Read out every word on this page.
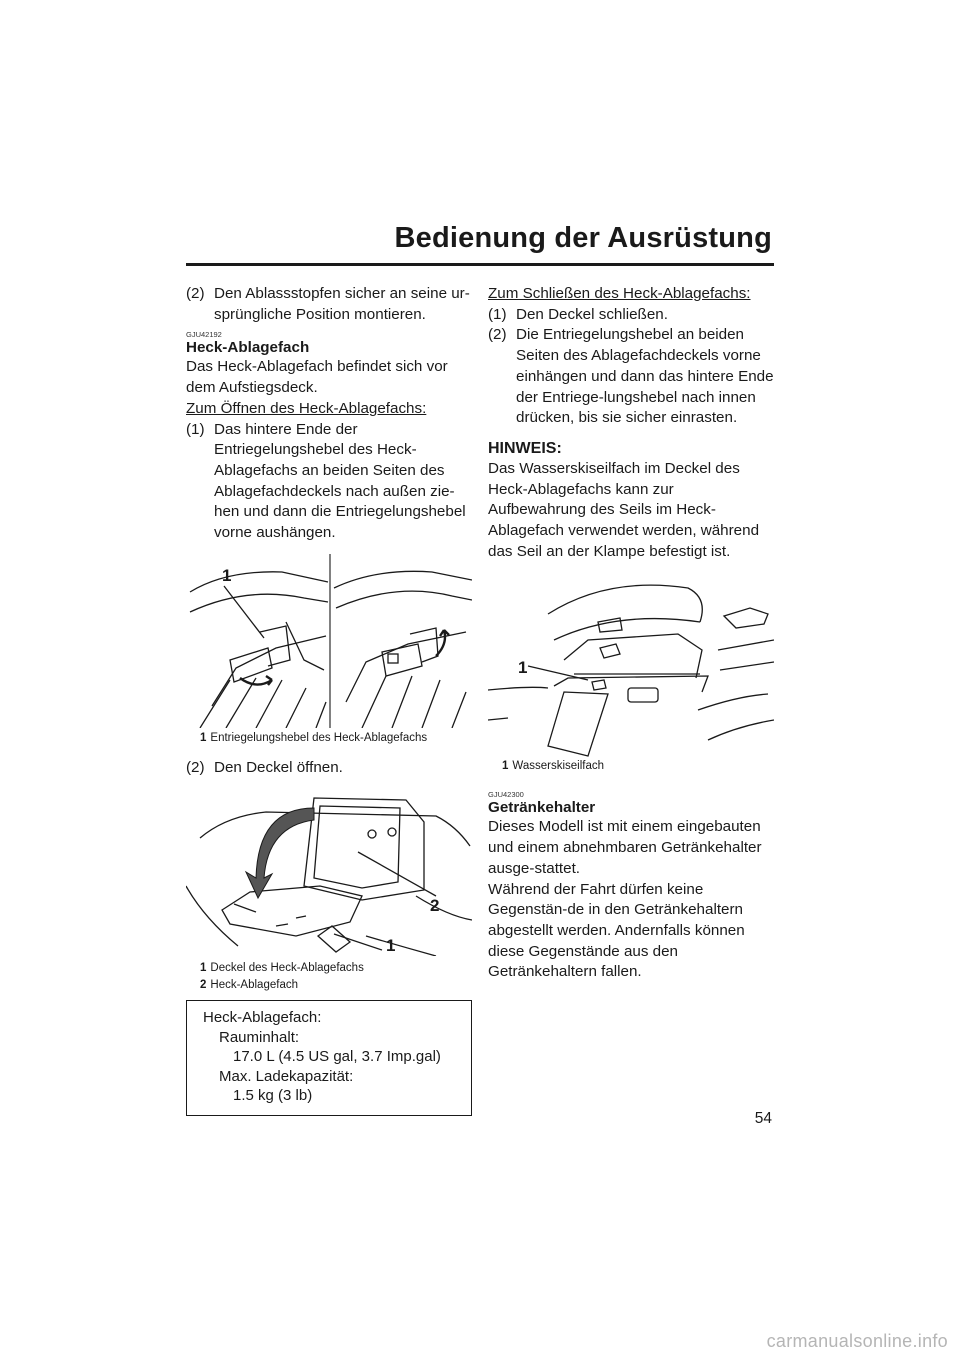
Bedienung der Ausrüstung
(2) Den Ablassstopfen sicher an seine ur-sprüngliche Position montieren.
GJU42192
Heck-Ablagefach

Das Heck-Ablagefach befindet sich vor dem Aufstiegsdeck.

Zum Öffnen des Heck-Ablagefachs:

(1) Das hintere Ende der Entriegelungshebel des Heck-Ablagefachs an beiden Seiten des Ablagefachdeckels nach außen zie-hen und dann die Entriegelungshebel vorne aushängen.
1
1 Entriegelungshebel des Heck-Ablagefachs
(2) Den Deckel öffnen.
2
1
1 Deckel des Heck-Ablagefachs
2 Heck-Ablagefach
Heck-Ablagefach:
Rauminhalt:
17.0 L (4.5 US gal, 3.7 Imp.gal)
Max. Ladekapazität:
1.5 kg (3 lb)

Zum Schließen des Heck-Ablagefachs:

(1) Den Deckel schließen.
(2) Die Entriegelungshebel an beiden Seiten des Ablagefachdeckels vorne einhängen und dann das hintere Ende der Entriege-lungshebel nach innen drücken, bis sie sicher einrasten.
HINWEIS:

Das Wasserskiseilfach im Deckel des Heck-Ablagefachs kann zur Aufbewahrung des Seils im Heck-Ablagefach verwendet werden, während das Seil an der Klampe befestigt ist.

1
1 Wasserskiseilfach
GJU42300
Getränkehalter

Dieses Modell ist mit einem eingebauten und einem abnehmbaren Getränkehalter ausge-stattet.

Während der Fahrt dürfen keine Gegenstän-de in den Getränkehaltern abgestellt werden. Andernfalls können diese Gegenstände aus den Getränkehaltern fallen.

54
carmanualsonline.info
